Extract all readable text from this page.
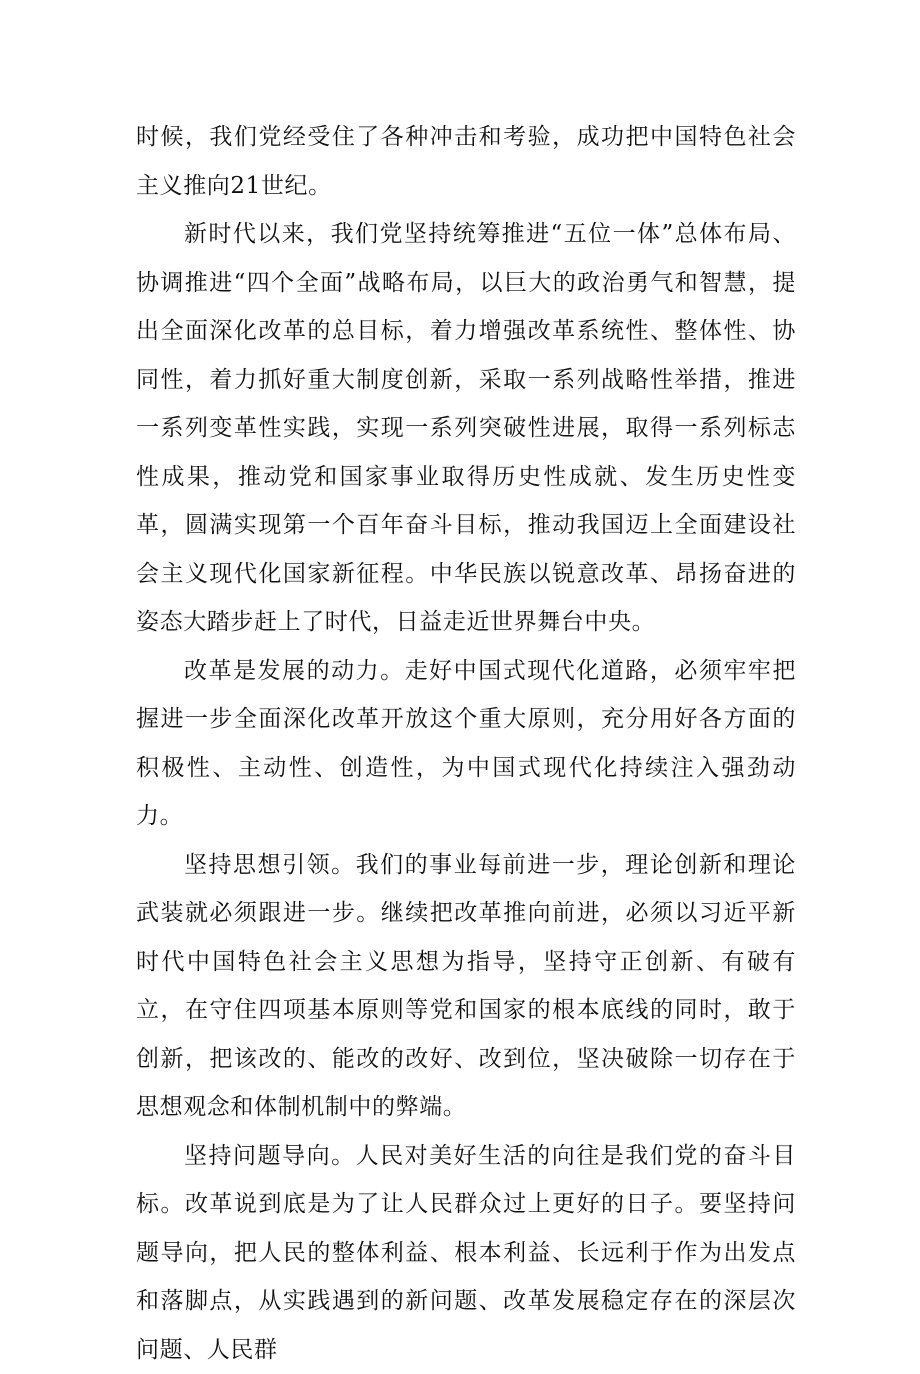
时候，我们党经受住了各种冲击和考验，成功把中国特色社会主义推向21世纪。

新时代以来，我们党坚持统筹推进“五位一体”总体布局、协调推进“四个全面”战略布局，以巨大的政治勇气和智慧，提出全面深化改革的总目标，着力增强改革系统性、整体性、协同性，着力抓好重大制度创新，采取一系列战略性举措，推进一系列变革性实践，实现一系列突破性进展，取得一系列标志性成果，推动党和国家事业取得历史性成就、发生历史性变革，圆满实现第一个百年奋斗目标，推动我国迈上全面建设社会主义现代化国家新征程。中华民族以锐意改革、昂扬奋进的姿态大踏步赶上了时代，日益走近世界舞台中央。

改革是发展的动力。走好中国式现代化道路，必须牢牢把握进一步全面深化改革开放这个重大原则，充分用好各方面的积极性、主动性、创造性，为中国式现代化持续注入强劲动力。

坚持思想引领。我们的事业每前进一步，理论创新和理论武装就必须跟进一步。继续把改革推向前进，必须以习近平新时代中国特色社会主义思想为指导，坚持守正创新、有破有立，在守住四项基本原则等党和国家的根本底线的同时，敢于创新，把该改的、能改的改好、改到位，坚决破除一切存在于思想观念和体制机制中的弊端。

坚持问题导向。人民对美好生活的向往是我们党的奋斗目标。改革说到底是为了让人民群众过上更好的日子。要坚持问题导向，把人民的整体利益、根本利益、长远利于作为出发点和落脚点，从实践遇到的新问题、改革发展稳定存在的深层次问题、人民群
